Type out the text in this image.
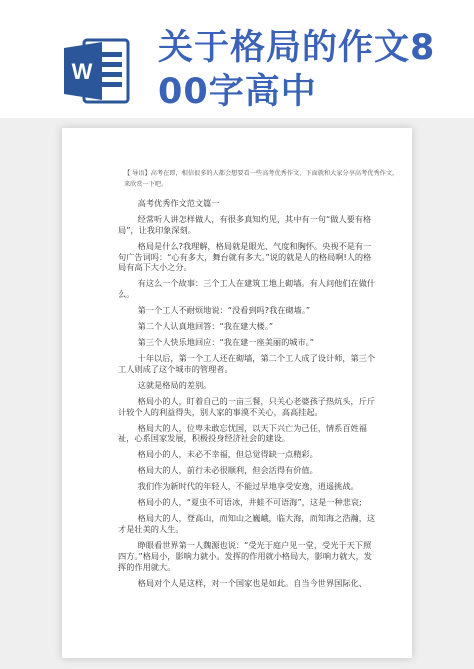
W
关于格局的作文8
00字高中
【 导语】高考在即，相信很多的人都会想要看一些高考优秀作文，下面就和大家分享高考优秀作文，来欣赏一下吧。

高考优秀作文范文篇一

经常听人讲怎样做人，有很多真知灼见，其中有一句“做人要有格局”，让我印象深刻。

格局是什么?我理解，格局就是眼光、气度和胸怀。央视不是有一句广告词吗：“心有多大，舞台就有多大。”说的就是人的格局啊!人的格局有高下大小之分。

有这么一个故事：三个工人在建筑工地上砌墙。有人问他们在做什么。

第一个工人不耐烦地说：“没看到吗?我在砌墙。”

第二个人认真地回答：“我在建大楼。”

第三个人快乐地回应：“我在建一座美丽的城市。”

十年以后，第一个工人还在砌墙，第二个工人成了设计师，第三个工人则成了这个城市的管理者。

这就是格局的差别。

格局小的人，盯着自己的一亩三餐，只关心老婆孩子热炕头，斤斤计较个人的利益得失，别人家的事漠不关心，高高挂起。

格局大的人，位卑未敢忘忧国，以天下兴亡为己任，情系百姓福祉，心系国家发展，积极投身经济社会的建设。

格局小的人，未必不幸福，但总觉得缺一点精彩。

格局大的人，前行未必很顺利，但会活得有价值。

我们作为新时代的年轻人，不能过早地享受安逸，逍遥挑战。

格局小的人，“夏虫不可语冰，井蛙不可语海”，这是一种悲哀;

格局大的人，登高山，而知山之巍峨，临大海，而知海之浩瀚，这才是壮美的人生。

睁眼看世界第一人魏源也说：“受光于庭户见一堂，受光于天下照四方。”格局小，影响力就小。发挥的作用就小格局大，影响力就大，发挥的作用就大。

格局对个人是这样，对一个国家也是如此。自当今世界国际化、
